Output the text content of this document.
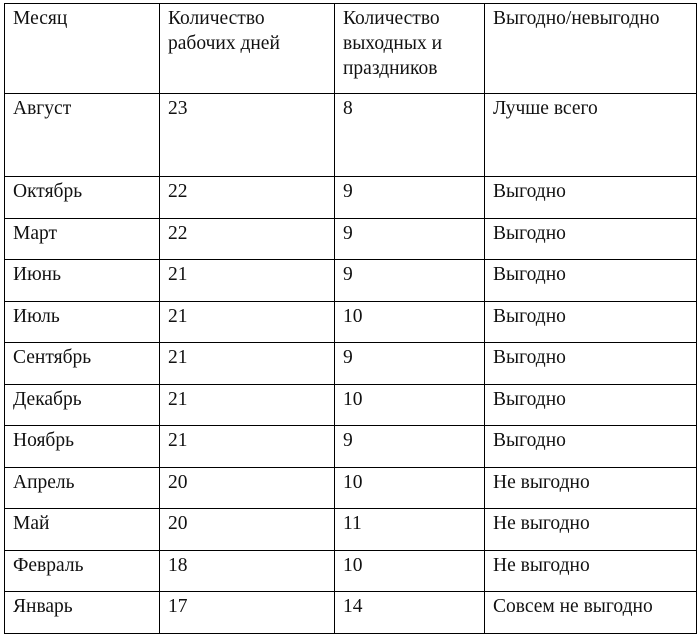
Месяц	Количество рабочих дней	Количество выходных и праздников	Выгодно/невыгодно
Август	23	8	Лучше всего
Октябрь	22	9	Выгодно
Март	22	9	Выгодно
Июнь	21	9	Выгодно
Июль	21	10	Выгодно
Сентябрь	21	9	Выгодно
Декабрь	21	10	Выгодно
Ноябрь	21	9	Выгодно
Апрель	20	10	Не выгодно
Май	20	11	Не выгодно
Февраль	18	10	Не выгодно
Январь	17	14	Совсем не выгодно
